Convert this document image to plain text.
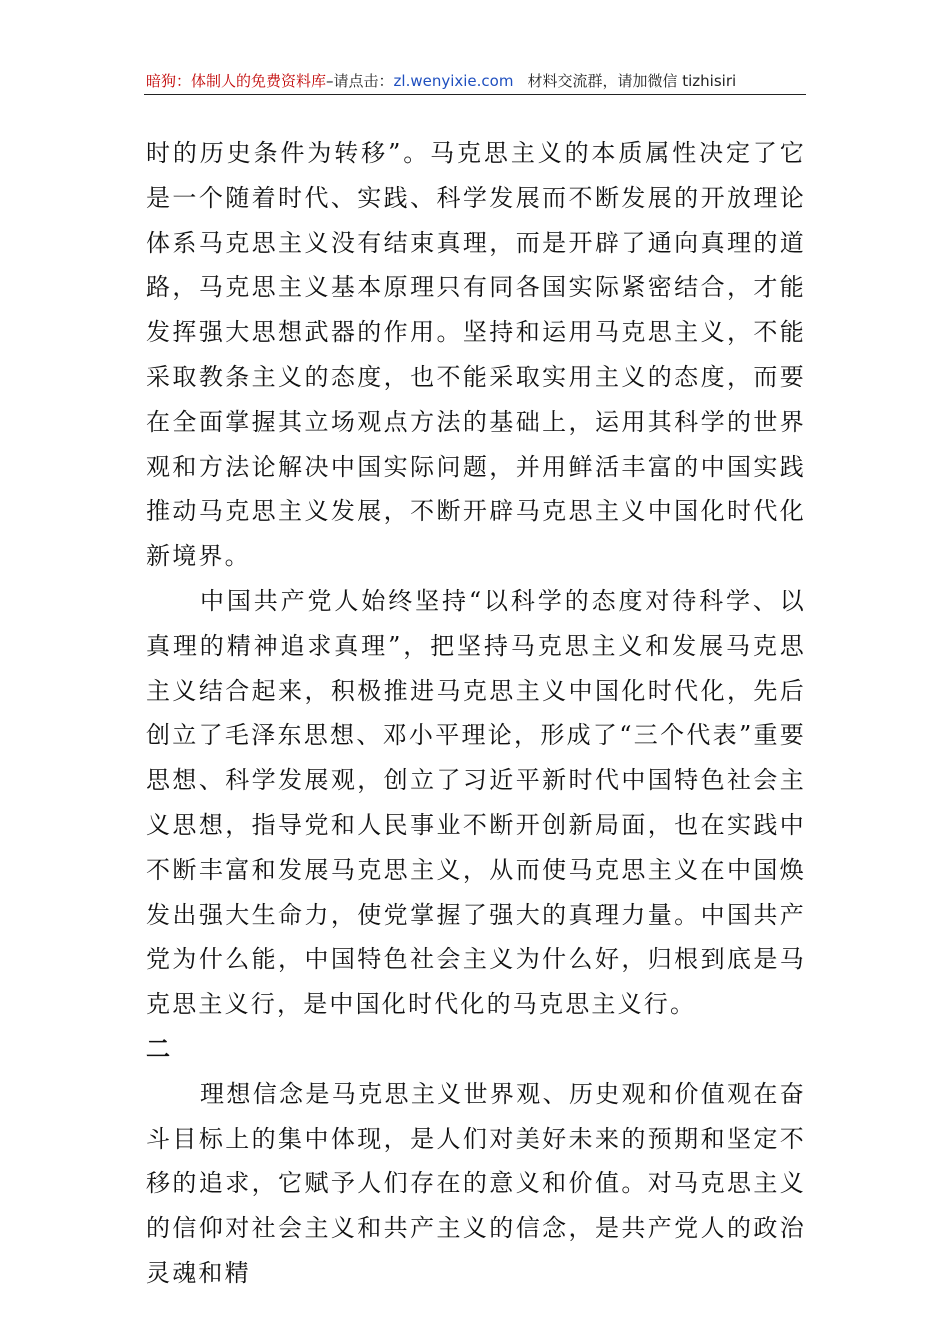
暗狗：体制人的免费资料库–请点击：zl.wenyixie.com 材料交流群，请加微信 tizhisiri

时的历史条件为转移”。马克思主义的本质属性决定了它是一个随着时代、实践、科学发展而不断发展的开放理论体系马克思主义没有结束真理，而是开辟了通向真理的道路，马克思主义基本原理只有同各国实际紧密结合，才能发挥强大思想武器的作用。坚持和运用马克思主义，不能采取教条主义的态度，也不能采取实用主义的态度，而要在全面掌握其立场观点方法的基础上，运用其科学的世界观和方法论解决中国实际问题，并用鲜活丰富的中国实践推动马克思主义发展，不断开辟马克思主义中国化时代化新境界。

中国共产党人始终坚持“以科学的态度对待科学、以真理的精神追求真理”，把坚持马克思主义和发展马克思主义结合起来，积极推进马克思主义中国化时代化，先后创立了毛泽东思想、邓小平理论，形成了“三个代表”重要思想、科学发展观，创立了习近平新时代中国特色社会主义思想，指导党和人民事业不断开创新局面，也在实践中不断丰富和发展马克思主义，从而使马克思主义在中国焕发出强大生命力，使党掌握了强大的真理力量。中国共产党为什么能，中国特色社会主义为什么好，归根到底是马克思主义行，是中国化时代化的马克思主义行。

二

理想信念是马克思主义世界观、历史观和价值观在奋斗目标上的集中体现，是人们对美好未来的预期和坚定不移的追求，它赋予人们存在的意义和价值。对马克思主义的信仰对社会主义和共产主义的信念，是共产党人的政治灵魂和精
